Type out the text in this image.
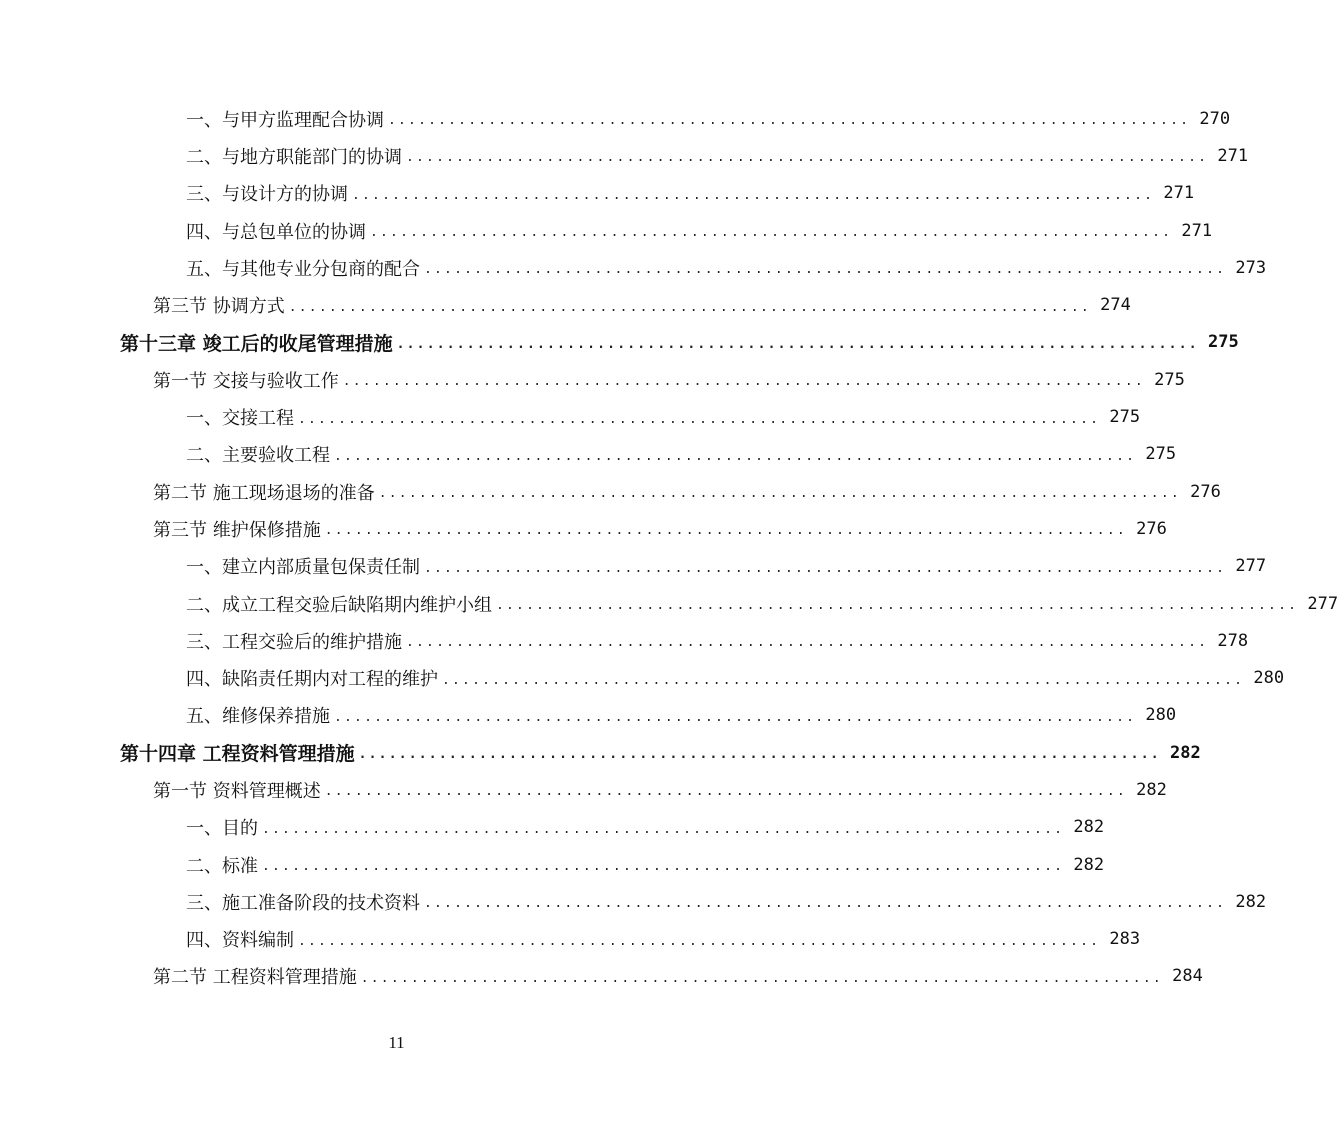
一、与甲方监理配合协调 ................................................................................ 270
二、与地方职能部门的协调 ................................................................................ 271
三、与设计方的协调 ................................................................................ 271
四、与总包单位的协调 ................................................................................ 271
五、与其他专业分包商的配合 ................................................................................ 273
第三节 协调方式 ................................................................................ 274
第十三章 竣工后的收尾管理措施 ................................................................................ 275
第一节 交接与验收工作 ................................................................................ 275
一、交接工程 ................................................................................ 275
二、主要验收工程 ................................................................................ 275
第二节 施工现场退场的准备 ................................................................................ 276
第三节 维护保修措施 ................................................................................ 276
一、建立内部质量包保责任制 ................................................................................ 277
二、成立工程交验后缺陷期内维护小组 ................................................................................ 277
三、工程交验后的维护措施 ................................................................................ 278
四、缺陷责任期内对工程的维护 ................................................................................ 280
五、维修保养措施 ................................................................................ 280
第十四章 工程资料管理措施 ................................................................................ 282
第一节 资料管理概述 ................................................................................ 282
一、目的 ................................................................................ 282
二、标准 ................................................................................ 282
三、施工准备阶段的技术资料 ................................................................................ 282
四、资料编制 ................................................................................ 283
第二节 工程资料管理措施 ................................................................................ 284
11
